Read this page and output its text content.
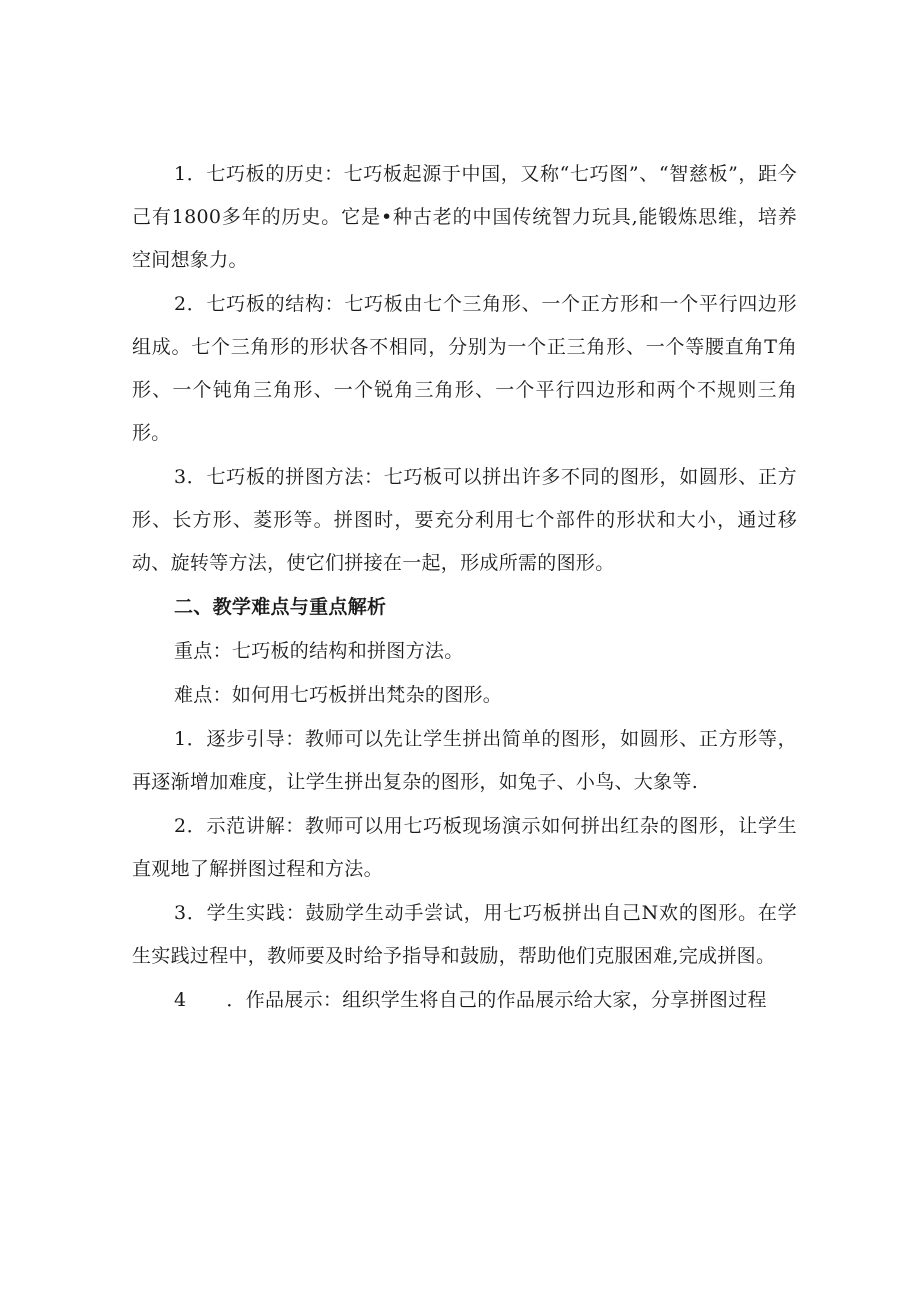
1．七巧板的历史：七巧板起源于中国，又称“七巧图”、“智慈板”，距今己有1800多年的历史。它是•种古老的中国传统智力玩具,能锻炼思维，培养空间想象力。

2．七巧板的结构：七巧板由七个三角形、一个正方形和一个平行四边形组成。七个三角形的形状各不相同，分别为一个正三角形、一个等腰直角T角形、一个钝角三角形、一个锐角三角形、一个平行四边形和两个不规则三角形。

3．七巧板的拼图方法：七巧板可以拼出许多不同的图形，如圆形、正方形、长方形、菱形等。拼图时，要充分利用七个部件的形状和大小，通过移动、旋转等方法，使它们拼接在一起，形成所需的图形。

二、教学难点与重点解析

重点：七巧板的结构和拼图方法。

难点：如何用七巧板拼出梵杂的图形。

1．逐步引导：教师可以先让学生拼出简单的图形，如圆形、正方形等，再逐渐增加难度，让学生拼出复杂的图形，如兔子、小鸟、大象等.

2．示范讲解：教师可以用七巧板现场演示如何拼出红杂的图形，让学生直观地了解拼图过程和方法。

3．学生实践：鼓励学生动手尝试，用七巧板拼出自己N欢的图形。在学生实践过程中，教师要及时给予指导和鼓励，帮助他们克服困难,完成拼图。

4 ．作品展示：组织学生将自己的作品展示给大家，分享拼图过程
